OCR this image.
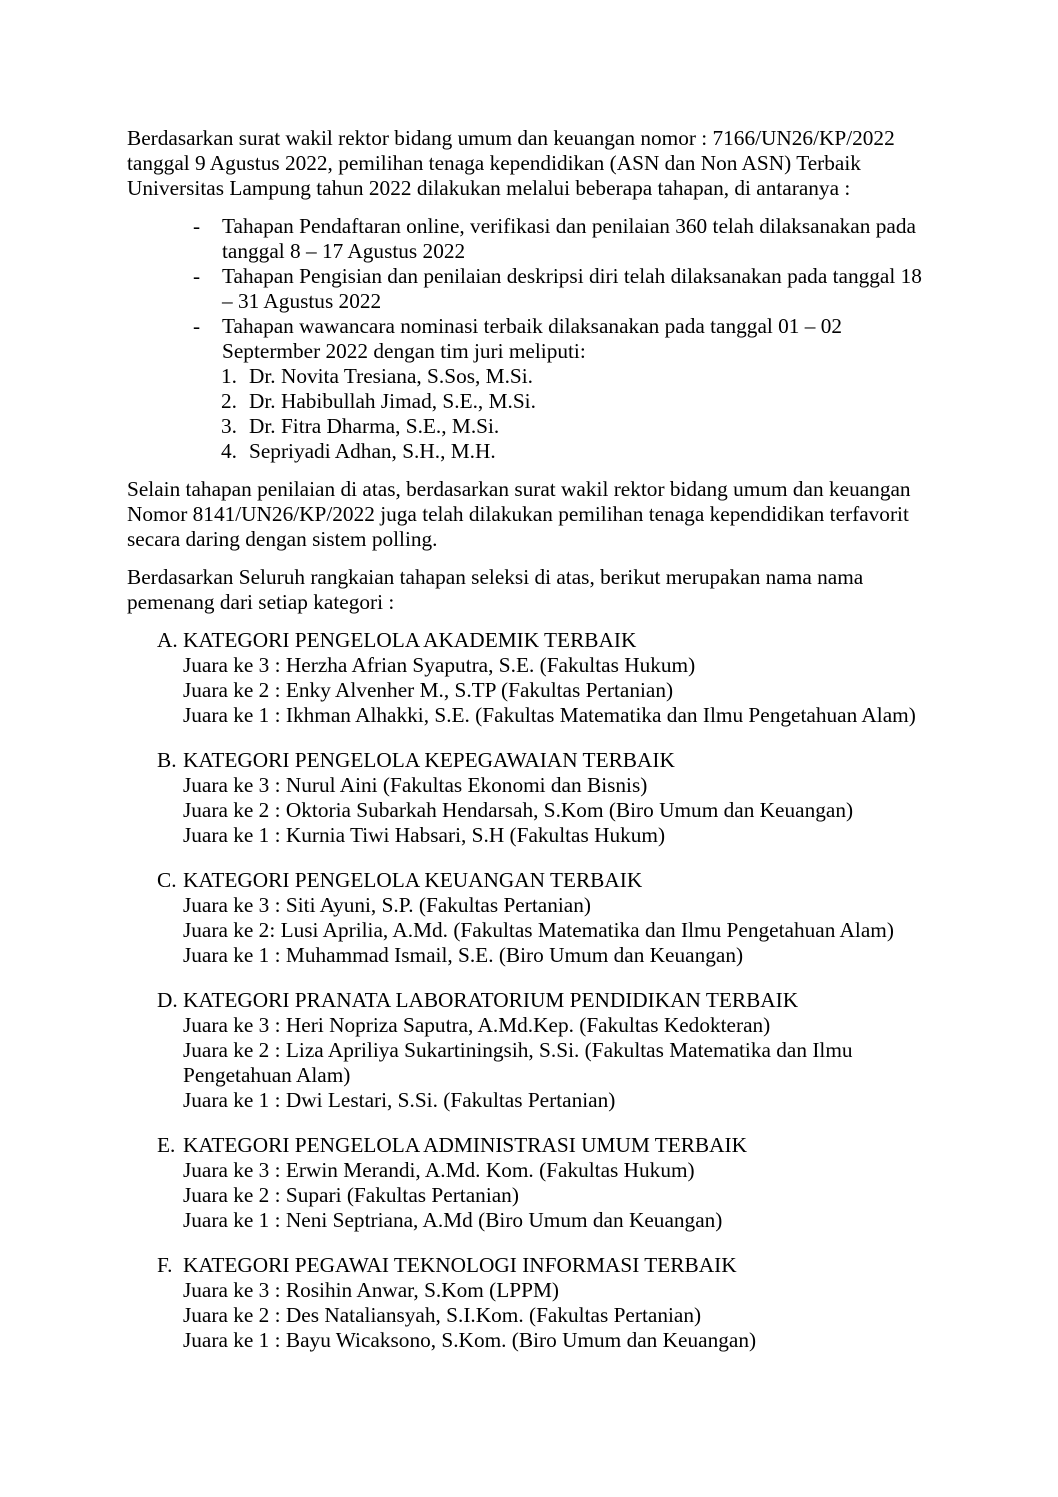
Berdasarkan surat wakil rektor bidang umum dan keuangan nomor : 7166/UN26/KP/2022 tanggal 9 Agustus 2022, pemilihan tenaga kependidikan (ASN dan Non ASN) Terbaik Universitas Lampung tahun 2022 dilakukan melalui beberapa tahapan, di antaranya :

-	Tahapan Pendaftaran online, verifikasi dan penilaian 360 telah dilaksanakan pada tanggal 8 – 17 Agustus 2022
-	Tahapan Pengisian dan penilaian deskripsi diri telah dilaksanakan pada tanggal 18 – 31 Agustus 2022
-	Tahapan wawancara nominasi terbaik dilaksanakan pada tanggal 01 – 02 Septermber 2022 dengan tim juri meliputi:
1. Dr. Novita Tresiana, S.Sos, M.Si.
2. Dr. Habibullah Jimad, S.E., M.Si.
3. Dr. Fitra Dharma, S.E., M.Si.
4. Sepriyadi Adhan, S.H., M.H.

Selain tahapan penilaian di atas, berdasarkan surat wakil rektor bidang umum dan keuangan Nomor 8141/UN26/KP/2022 juga telah dilakukan pemilihan tenaga kependidikan terfavorit secara daring dengan sistem polling.

Berdasarkan Seluruh rangkaian tahapan seleksi di atas, berikut merupakan nama nama pemenang dari setiap kategori :

A. KATEGORI PENGELOLA AKADEMIK TERBAIK
Juara ke 3 : Herzha Afrian Syaputra, S.E. (Fakultas Hukum)
Juara ke 2 : Enky Alvenher M., S.TP (Fakultas Pertanian)
Juara ke 1 : Ikhman Alhakki, S.E. (Fakultas Matematika dan Ilmu Pengetahuan Alam)
B. KATEGORI PENGELOLA KEPEGAWAIAN TERBAIK
Juara ke 3 : Nurul Aini (Fakultas Ekonomi dan Bisnis)
Juara ke 2 : Oktoria Subarkah Hendarsah, S.Kom (Biro Umum dan Keuangan)
Juara ke 1 : Kurnia Tiwi Habsari, S.H (Fakultas Hukum)
C. KATEGORI PENGELOLA KEUANGAN TERBAIK
Juara ke 3 : Siti Ayuni, S.P. (Fakultas Pertanian)
Juara ke 2: Lusi Aprilia, A.Md. (Fakultas Matematika dan Ilmu Pengetahuan Alam)
Juara ke 1 : Muhammad Ismail, S.E. (Biro Umum dan Keuangan)
D. KATEGORI PRANATA LABORATORIUM PENDIDIKAN TERBAIK
Juara ke 3 : Heri Nopriza Saputra, A.Md.Kep. (Fakultas Kedokteran)
Juara ke 2 : Liza Apriliya Sukartiningsih, S.Si. (Fakultas Matematika dan Ilmu Pengetahuan Alam)
Juara ke 1 : Dwi Lestari, S.Si. (Fakultas Pertanian)
E. KATEGORI PENGELOLA ADMINISTRASI UMUM TERBAIK
Juara ke 3 : Erwin Merandi, A.Md. Kom. (Fakultas Hukum)
Juara ke 2 : Supari (Fakultas Pertanian)
Juara ke 1 : Neni Septriana, A.Md (Biro Umum dan Keuangan)
F. KATEGORI PEGAWAI TEKNOLOGI INFORMASI TERBAIK
Juara ke 3 : Rosihin Anwar, S.Kom (LPPM)
Juara ke 2 : Des Nataliansyah, S.I.Kom. (Fakultas Pertanian)
Juara ke 1 : Bayu Wicaksono, S.Kom. (Biro Umum dan Keuangan)
